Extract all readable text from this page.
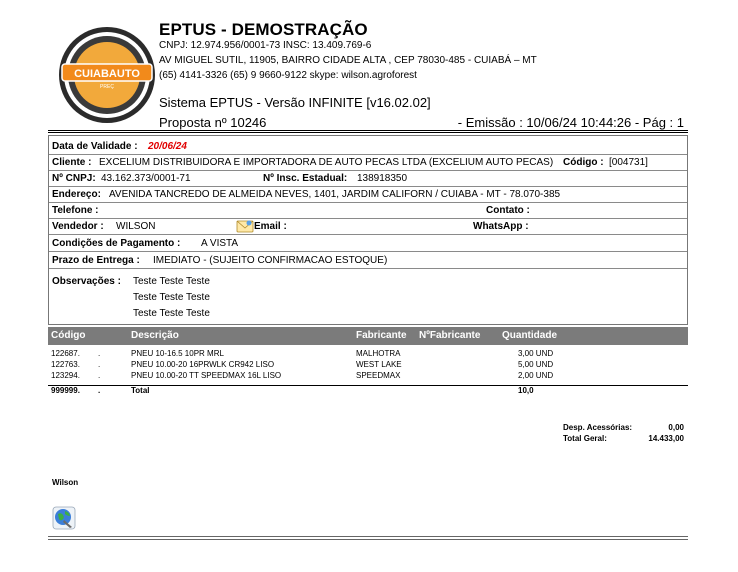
CUIABAUTO
PREÇ
EPTUS - DEMOSTRAÇÃO
CNPJ: 12.974.956/0001-73 INSC: 13.409.769-6
AV MIGUEL SUTIL, 11905, BAIRRO CIDADE ALTA , CEP 78030-485 - CUIABÁ – MT
(65) 4141-3326 (65) 9 9660-9122 skype: wilson.agroforest
Sistema EPTUS - Versão INFINITE [v16.02.02]
Proposta nº 10246	- Emissão : 10/06/24 10:44:26 - Pág : 1
Data de Validade : 20/06/24
Cliente : EXCELIUM DISTRIBUIDORA E IMPORTADORA DE AUTO PECAS LTDA (EXCELIUM AUTO PECAS) Código : [004731]
Nº CNPJ: 43.162.373/0001-71	Nº Insc. Estadual: 138918350
Endereço: AVENIDA TANCREDO DE ALMEIDA NEVES, 1401, JARDIM CALIFORN / CUIABA - MT - 78.070-385
Telefone :	Contato :
Vendedor : WILSON	Email :	WhatsApp :
Condições de Pagamento : A VISTA
Prazo de Entrega : IMEDIATO - (SUJEITO CONFIRMACAO ESTOQUE)
Observações : Teste Teste Teste
Teste Teste Teste
Teste Teste Teste
Código	Descrição	Fabricante NºFabricante Quantidade
122687. .	PNEU 10-16.5 10PR MRL	MALHOTRA	3,00 UND
122763. .	PNEU 10.00-20 16PRWLK CR942 LISO	WEST LAKE	5,00 UND
123294. .	PNEU 10.00-20 TT SPEEDMAX 16L LISO	SPEEDMAX	2,00 UND
999999. .	Total	10,0
Desp. Acessórias:	0,00
Total Geral:	14.433,00
Wilson
